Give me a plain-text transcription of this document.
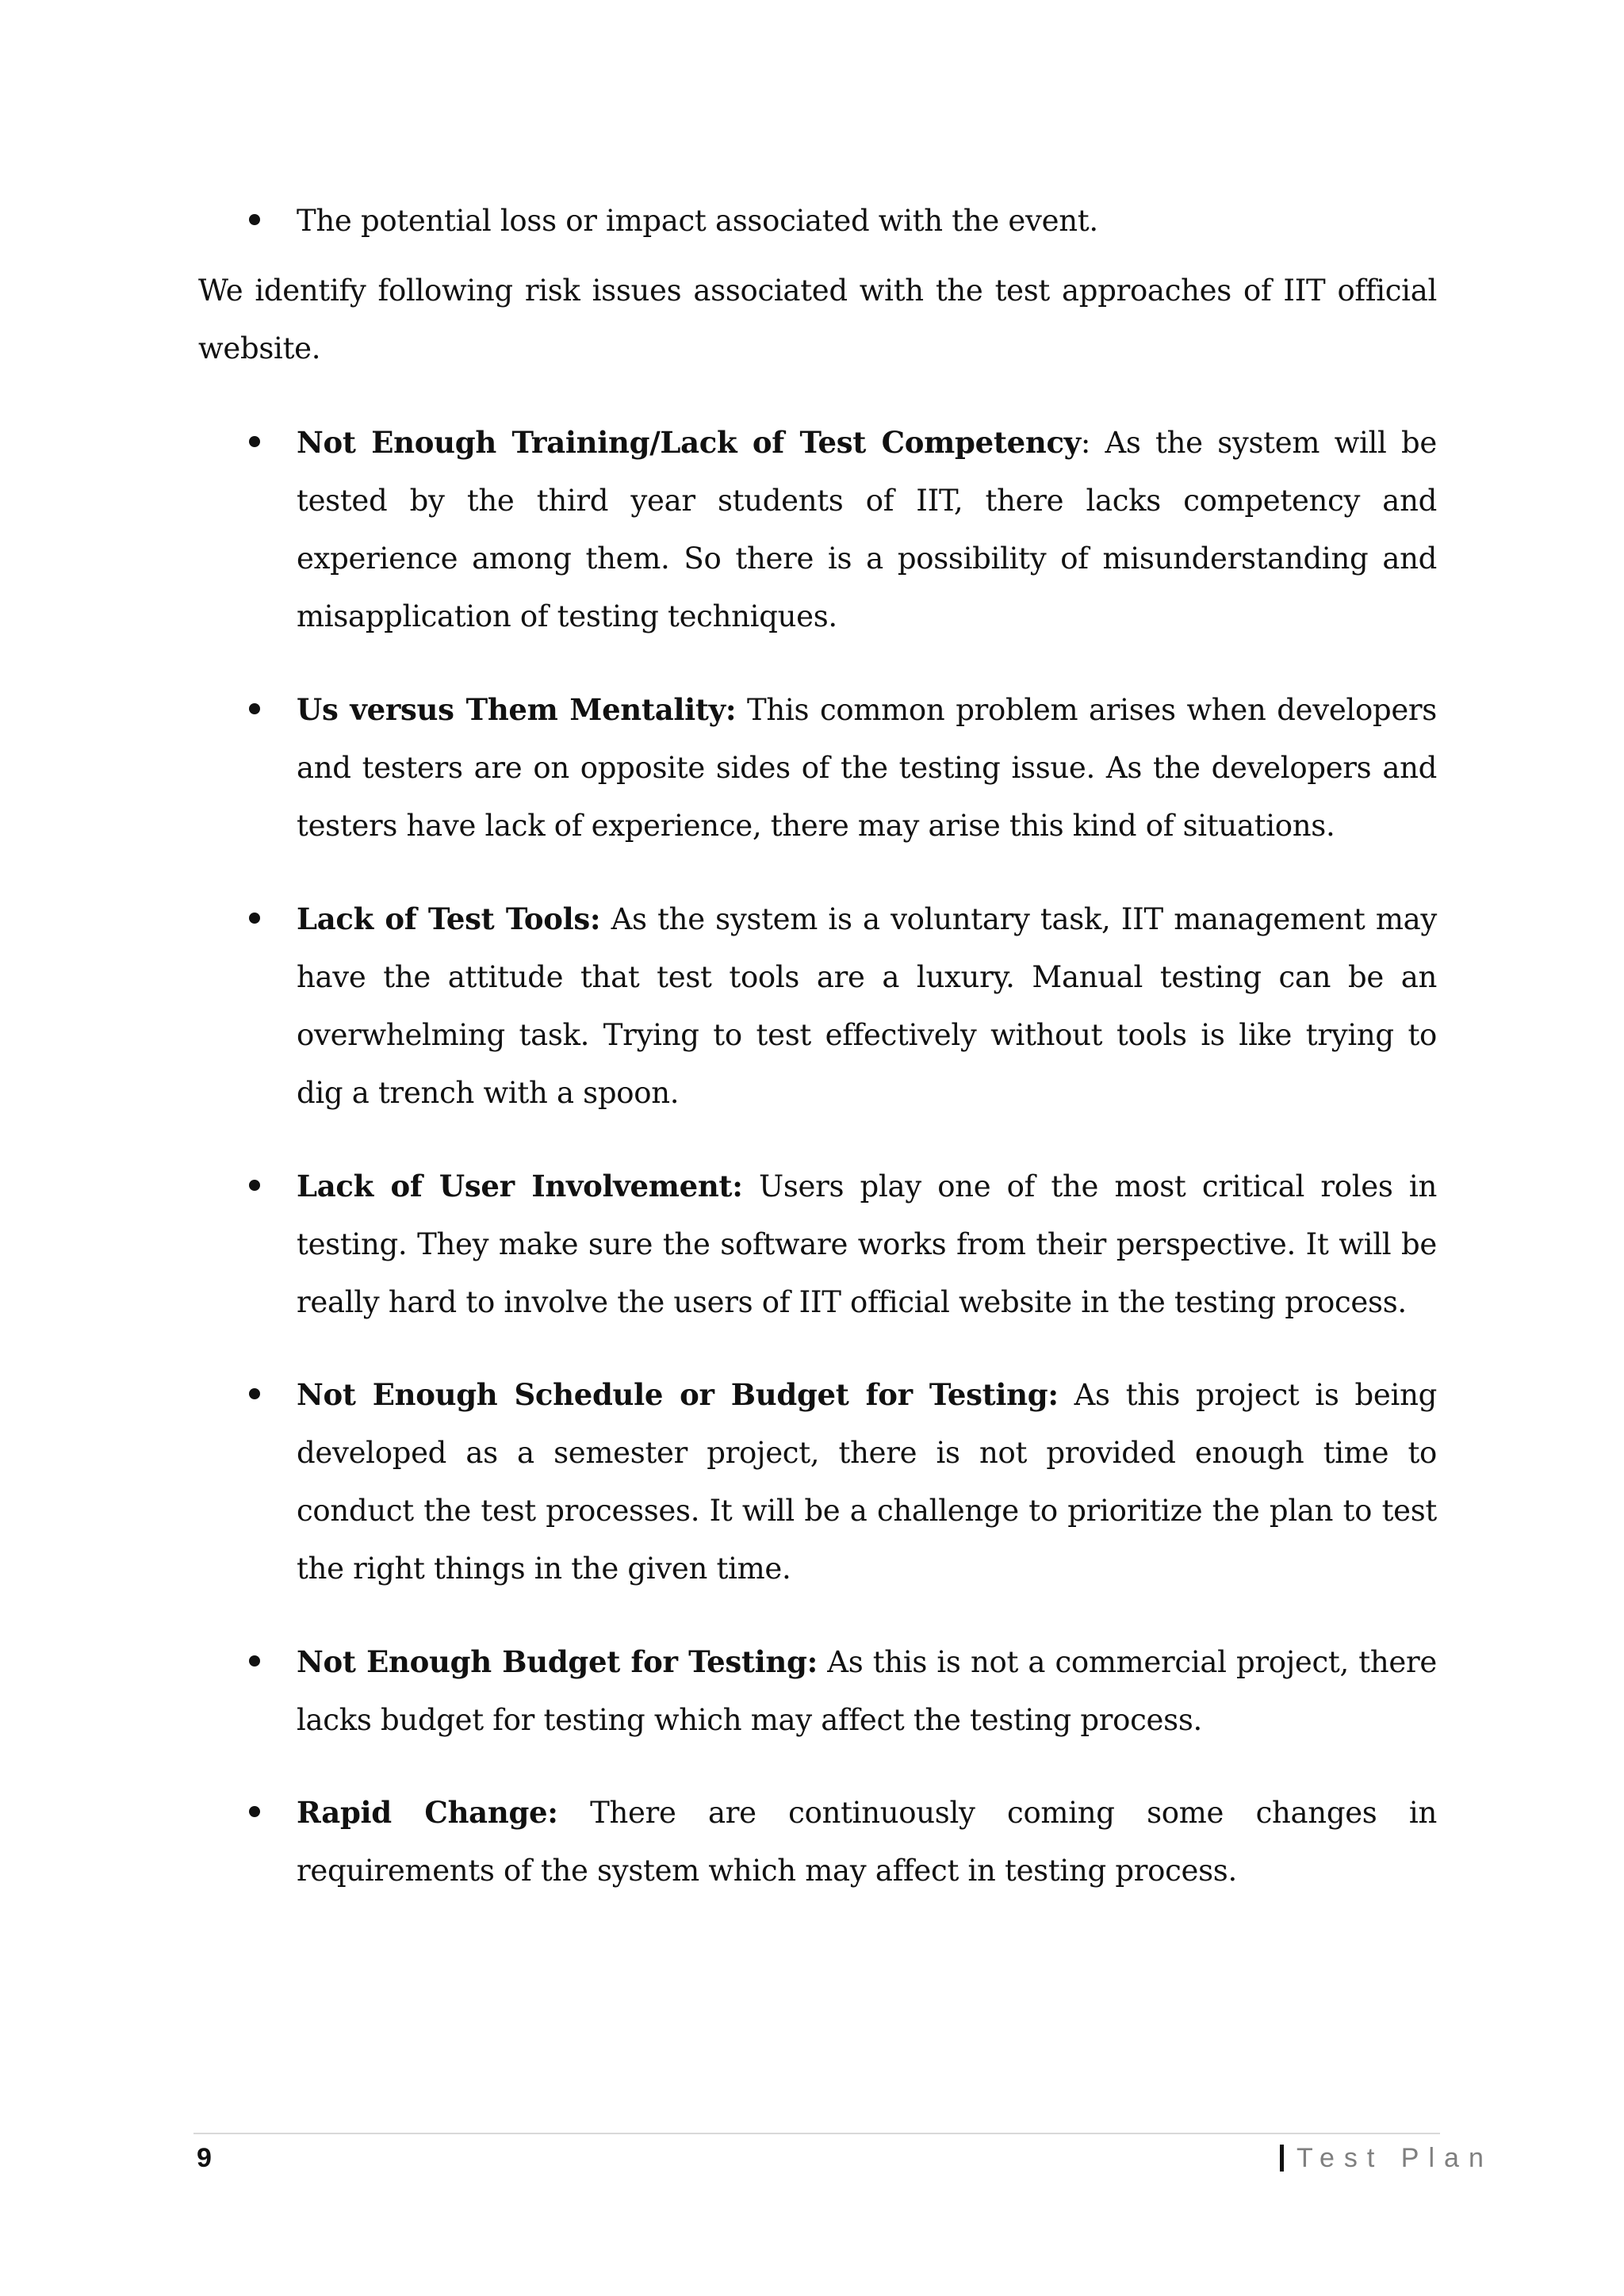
The potential loss or impact associated with the event.
We identify following risk issues associated with the test approaches of IIT official website.
Not Enough Training/Lack of Test Competency: As the system will be tested by the third year students of IIT, there lacks competency and experience among them. So there is a possibility of misunderstanding and misapplication of testing techniques.
Us versus Them Mentality: This common problem arises when developers and testers are on opposite sides of the testing issue. As the developers and testers have lack of experience, there may arise this kind of situations.
Lack of Test Tools: As the system is a voluntary task, IIT management may have the attitude that test tools are a luxury. Manual testing can be an overwhelming task. Trying to test effectively without tools is like trying to dig a trench with a spoon.
Lack of User Involvement: Users play one of the most critical roles in testing. They make sure the software works from their perspective. It will be really hard to involve the users of IIT official website in the testing process.
Not Enough Schedule or Budget for Testing: As this project is being developed as a semester project, there is not provided enough time to conduct the test processes. It will be a challenge to prioritize the plan to test the right things in the given time.
Not Enough Budget for Testing: As this is not a commercial project, there lacks budget for testing which may affect the testing process.
Rapid Change: There are continuously coming some changes in requirements of the system which may affect in testing process.
9	Test Plan
